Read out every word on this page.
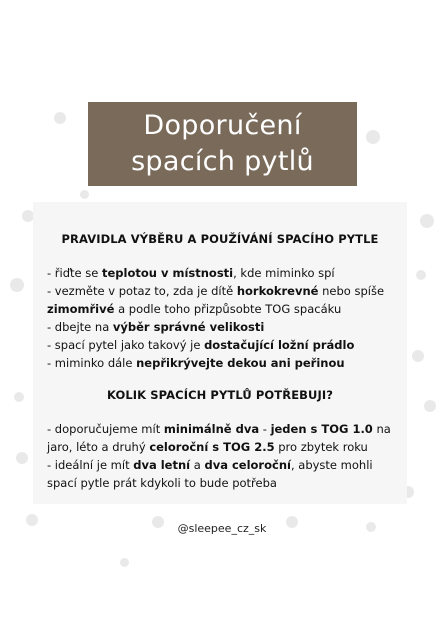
Doporučení
spacích pytlů
PRAVIDLA VÝBĚRU A POUŽÍVÁNÍ SPACÍHO PYTLE
- řiďte se teplotou v místnosti, kde miminko spí
- vezměte v potaz to, zda je dítě horkokrevné nebo spíše
zimomřivé a podle toho přizpůsobte TOG spacáku
- dbejte na výběr správné velikosti
- spací pytel jako takový je dostačující ložní prádlo
- miminko dále nepřikrývejte dekou ani peřinou
KOLIK SPACÍCH PYTLŮ POTŘEBUJI?
- doporučujeme mít minimálně dva - jeden s TOG 1.0 na
jaro, léto a druhý celoroční s TOG 2.5 pro zbytek roku
- ideální je mít dva letní a dva celoroční, abyste mohli
spací pytle prát kdykoli to bude potřeba
@sleepee_cz_sk
